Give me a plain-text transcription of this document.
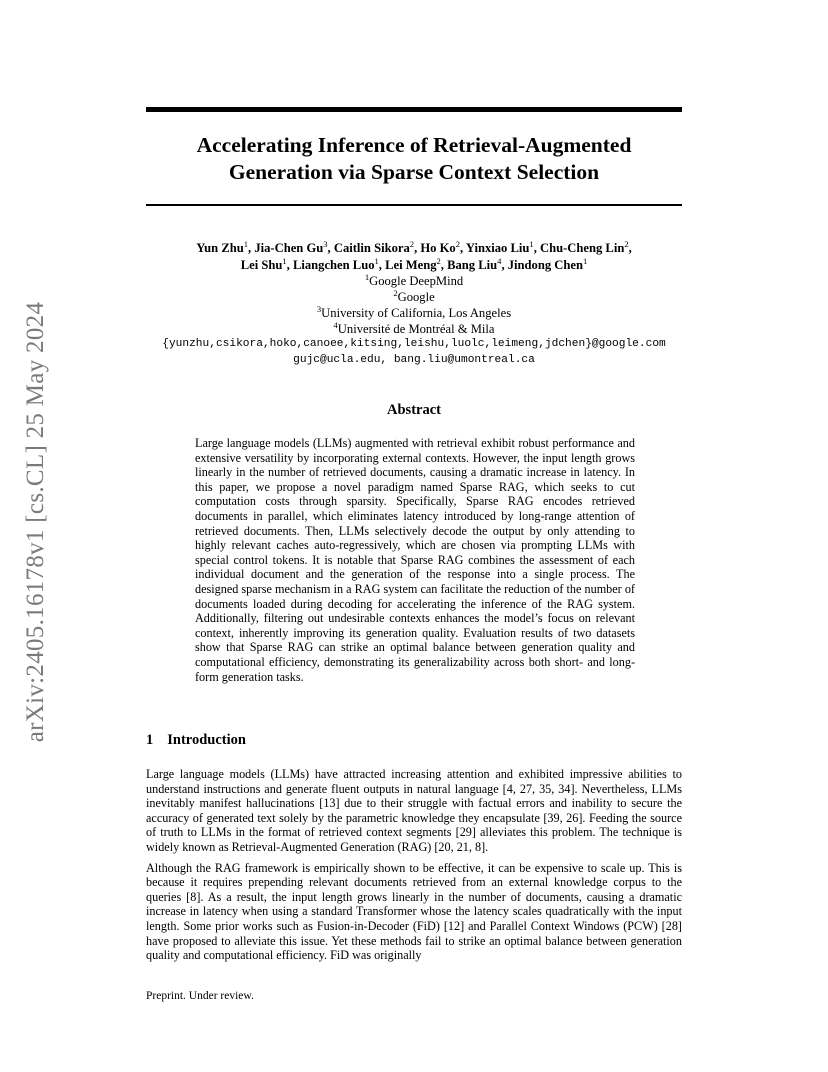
arXiv:2405.16178v1 [cs.CL] 25 May 2024
Accelerating Inference of Retrieval-Augmented
Generation via Sparse Context Selection
Yun Zhu$^1$, Jia-Chen Gu$^3$, Caitlin Sikora$^2$, Ho Ko$^2$, Yinxiao Liu$^1$, Chu-Cheng Lin$^2$,
Lei Shu$^1$, Liangchen Luo$^1$, Lei Meng$^2$, Bang Liu$^4$, Jindong Chen$^1$
$^1$Google DeepMind
$^2$Google
$^3$University of California, Los Angeles
$^4$Université de Montréal & Mila
{yunzhu,csikora,hoko,canoee,kitsing,leishu,luolc,leimeng,jdchen}@google.com
gujc@ucla.edu, bang.liu@umontreal.ca
Abstract
Large language models (LLMs) augmented with retrieval exhibit robust performance and extensive versatility by incorporating external contexts. However, the input length grows linearly in the number of retrieved documents, causing a dramatic increase in latency. In this paper, we propose a novel paradigm named Sparse RAG, which seeks to cut computation costs through sparsity. Specifically, Sparse RAG encodes retrieved documents in parallel, which eliminates latency introduced by long-range attention of retrieved documents. Then, LLMs selectively decode the output by only attending to highly relevant caches auto-regressively, which are chosen via prompting LLMs with special control tokens. It is notable that Sparse RAG combines the assessment of each individual document and the generation of the response into a single process. The designed sparse mechanism in a RAG system can facilitate the reduction of the number of documents loaded during decoding for accelerating the inference of the RAG system. Additionally, filtering out undesirable contexts enhances the model’s focus on relevant context, inherently improving its generation quality. Evaluation results of two datasets show that Sparse RAG can strike an optimal balance between generation quality and computational efficiency, demonstrating its generalizability across both short- and long-form generation tasks.
1 Introduction

Large language models (LLMs) have attracted increasing attention and exhibited impressive abilities to understand instructions and generate fluent outputs in natural language [4, 27, 35, 34]. Nevertheless, LLMs inevitably manifest hallucinations [13] due to their struggle with factual errors and inability to secure the accuracy of generated text solely by the parametric knowledge they encapsulate [39, 26]. Feeding the source of truth to LLMs in the format of retrieved context segments [29] alleviates this problem. The technique is widely known as Retrieval-Augmented Generation (RAG) [20, 21, 8].

Although the RAG framework is empirically shown to be effective, it can be expensive to scale up. This is because it requires prepending relevant documents retrieved from an external knowledge corpus to the queries [8]. As a result, the input length grows linearly in the number of documents, causing a dramatic increase in latency when using a standard Transformer whose the latency scales quadratically with the input length. Some prior works such as Fusion-in-Decoder (FiD) [12] and Parallel Context Windows (PCW) [28] have proposed to alleviate this issue. Yet these methods fail to strike an optimal balance between generation quality and computational efficiency. FiD was originally

Preprint. Under review.
